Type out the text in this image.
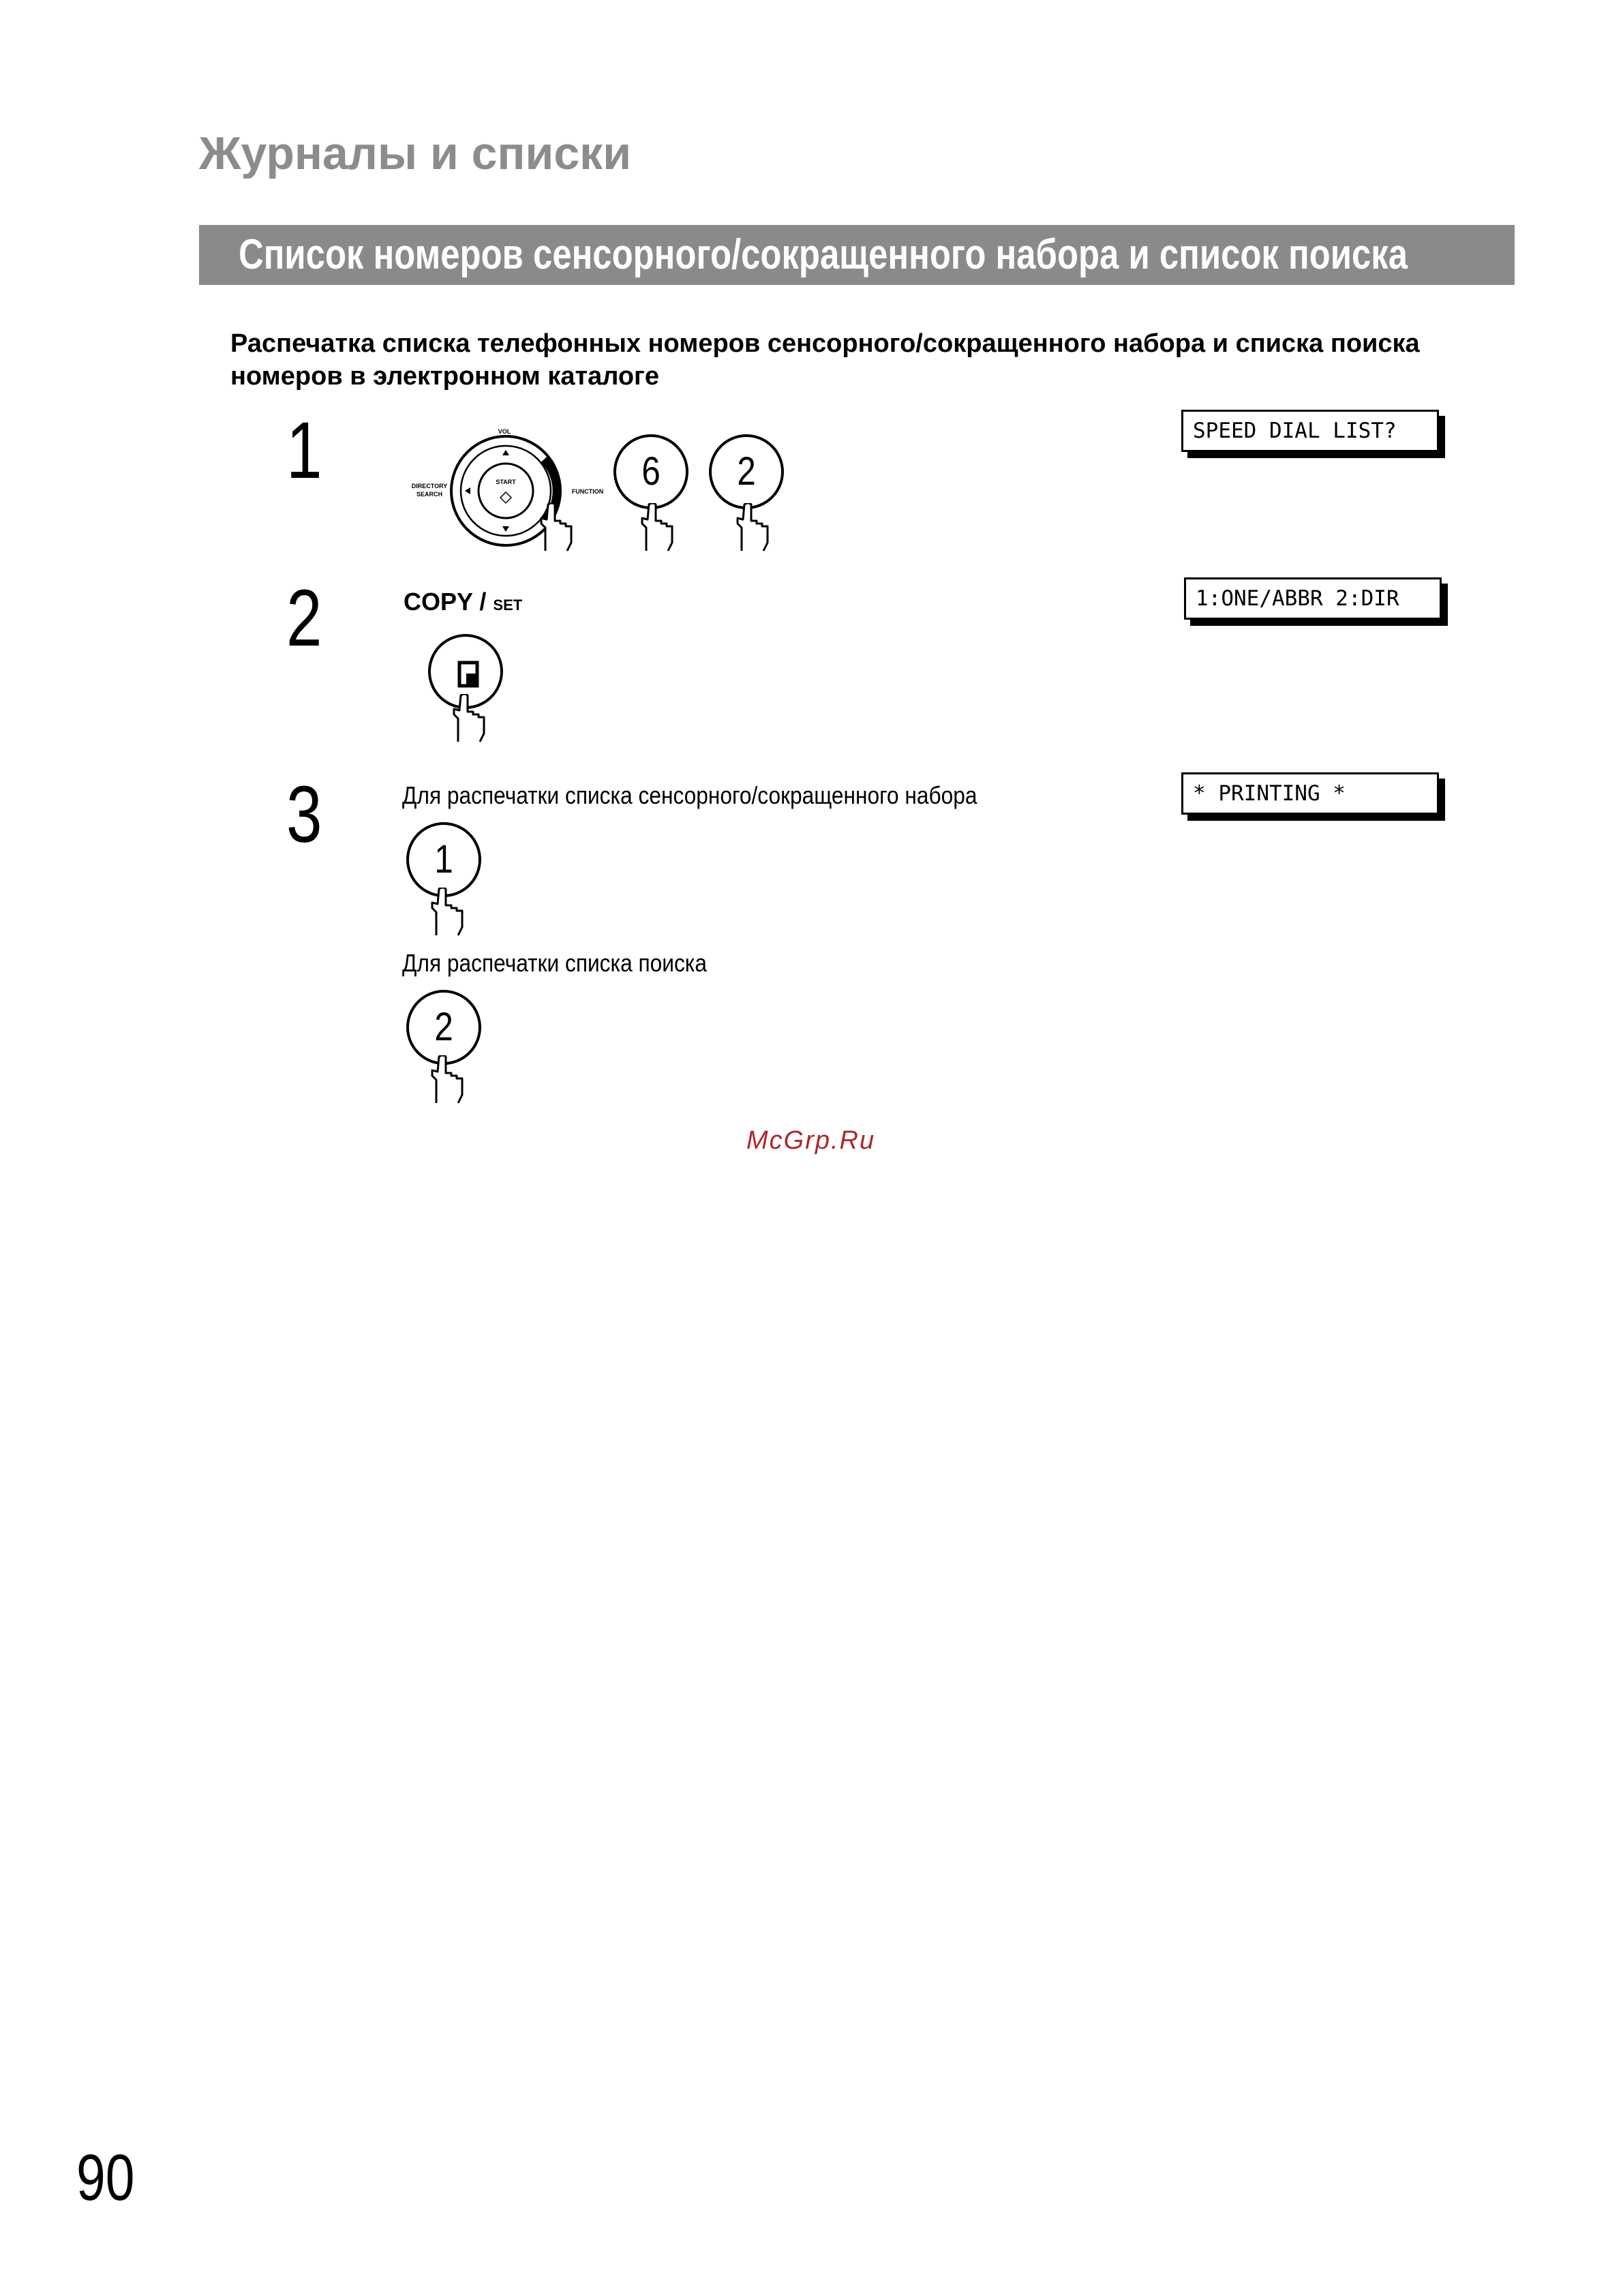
Журналы и списки
Список номеров сенсорного/сокращенного набора и список поиска
Распечатка списка телефонных номеров сенсорного/сокращенного набора и списка поиска номеров в электронном каталоге
1	START
VOL
DIRECTORY
SEARCH	FUNCTION 6	2
SPEED DIAL LIST?
2	COPY / SET	1:ONE/ABBR 2:DIR
3	Для распечатки списка сенсорного/сокращенного набора
1
Для распечатки списка поиска
2
* PRINTING *
McGrp.Ru
90
